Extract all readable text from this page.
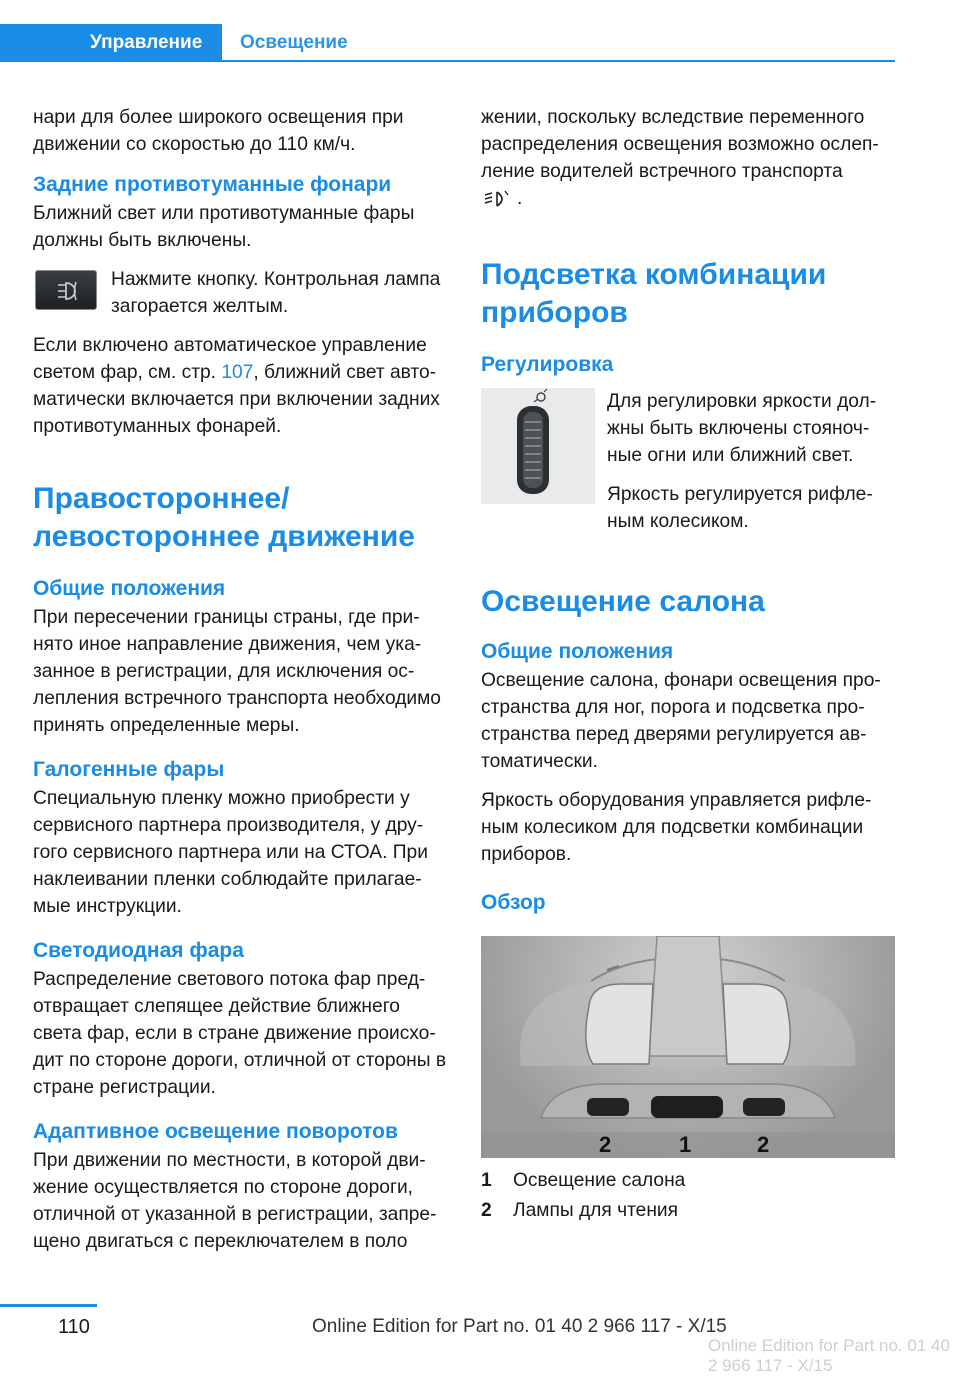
Управление	Освещение

нари для более широкого освещения при движении со скоростью до 110 км/ч.

Задние противотуманные фонари

Ближний свет или противотуманные фары должны быть включены.

Нажмите кнопку. Контрольная лампа загорается желтым.

Если включено автоматическое управление светом фар, см. стр. 107, ближний свет автоматически включается при включении задних противотуманных фонарей.

Правостороннее/
левостороннее движение
Общие положения

При пересечении границы страны, где принято иное направление движения, чем указанное в регистрации, для исключения ослепления встречного транспорта необходимо принять определенные меры.

Галогенные фары

Специальную пленку можно приобрести у сервисного партнера производителя, у другого сервисного партнера или на СТОА. При наклеивании пленки соблюдайте прилагаемые инструкции.

Светодиодная фара

Распределение светового потока фар предотвращает слепящее действие ближнего света фар, если в стране движение происходит по стороне дороги, отличной от стороны в стране регистрации.

Адаптивное освещение поворотов

При движении по местности, в которой движение осуществляется по стороне дороги, отличной от указанной в регистрации, запрещено двигаться с переключателем в поло

жении, поскольку вследствие переменного распределения освещения возможно ослепление водителей встречного транспорта
.

Подсветка комбинации
приборов
Регулировка

Для регулировки яркости должны быть включены стояночные огни или ближний свет.

Яркость регулируется рифленым колесиком.

Освещение салона
Общие положения

Освещение салона, фонари освещения пространства для ног, порога и подсветка пространства перед дверями регулируется автоматически.

Яркость оборудования управляется рифленым колесиком для подсветки комбинации приборов.

Обзор
2	1	2
1	Освещение салона
2	Лампы для чтения
110	Online Edition for Part no. 01 40 2 966 117 - X/15
Online Edition for Part no. 01 40 2 966 117 - X/15
